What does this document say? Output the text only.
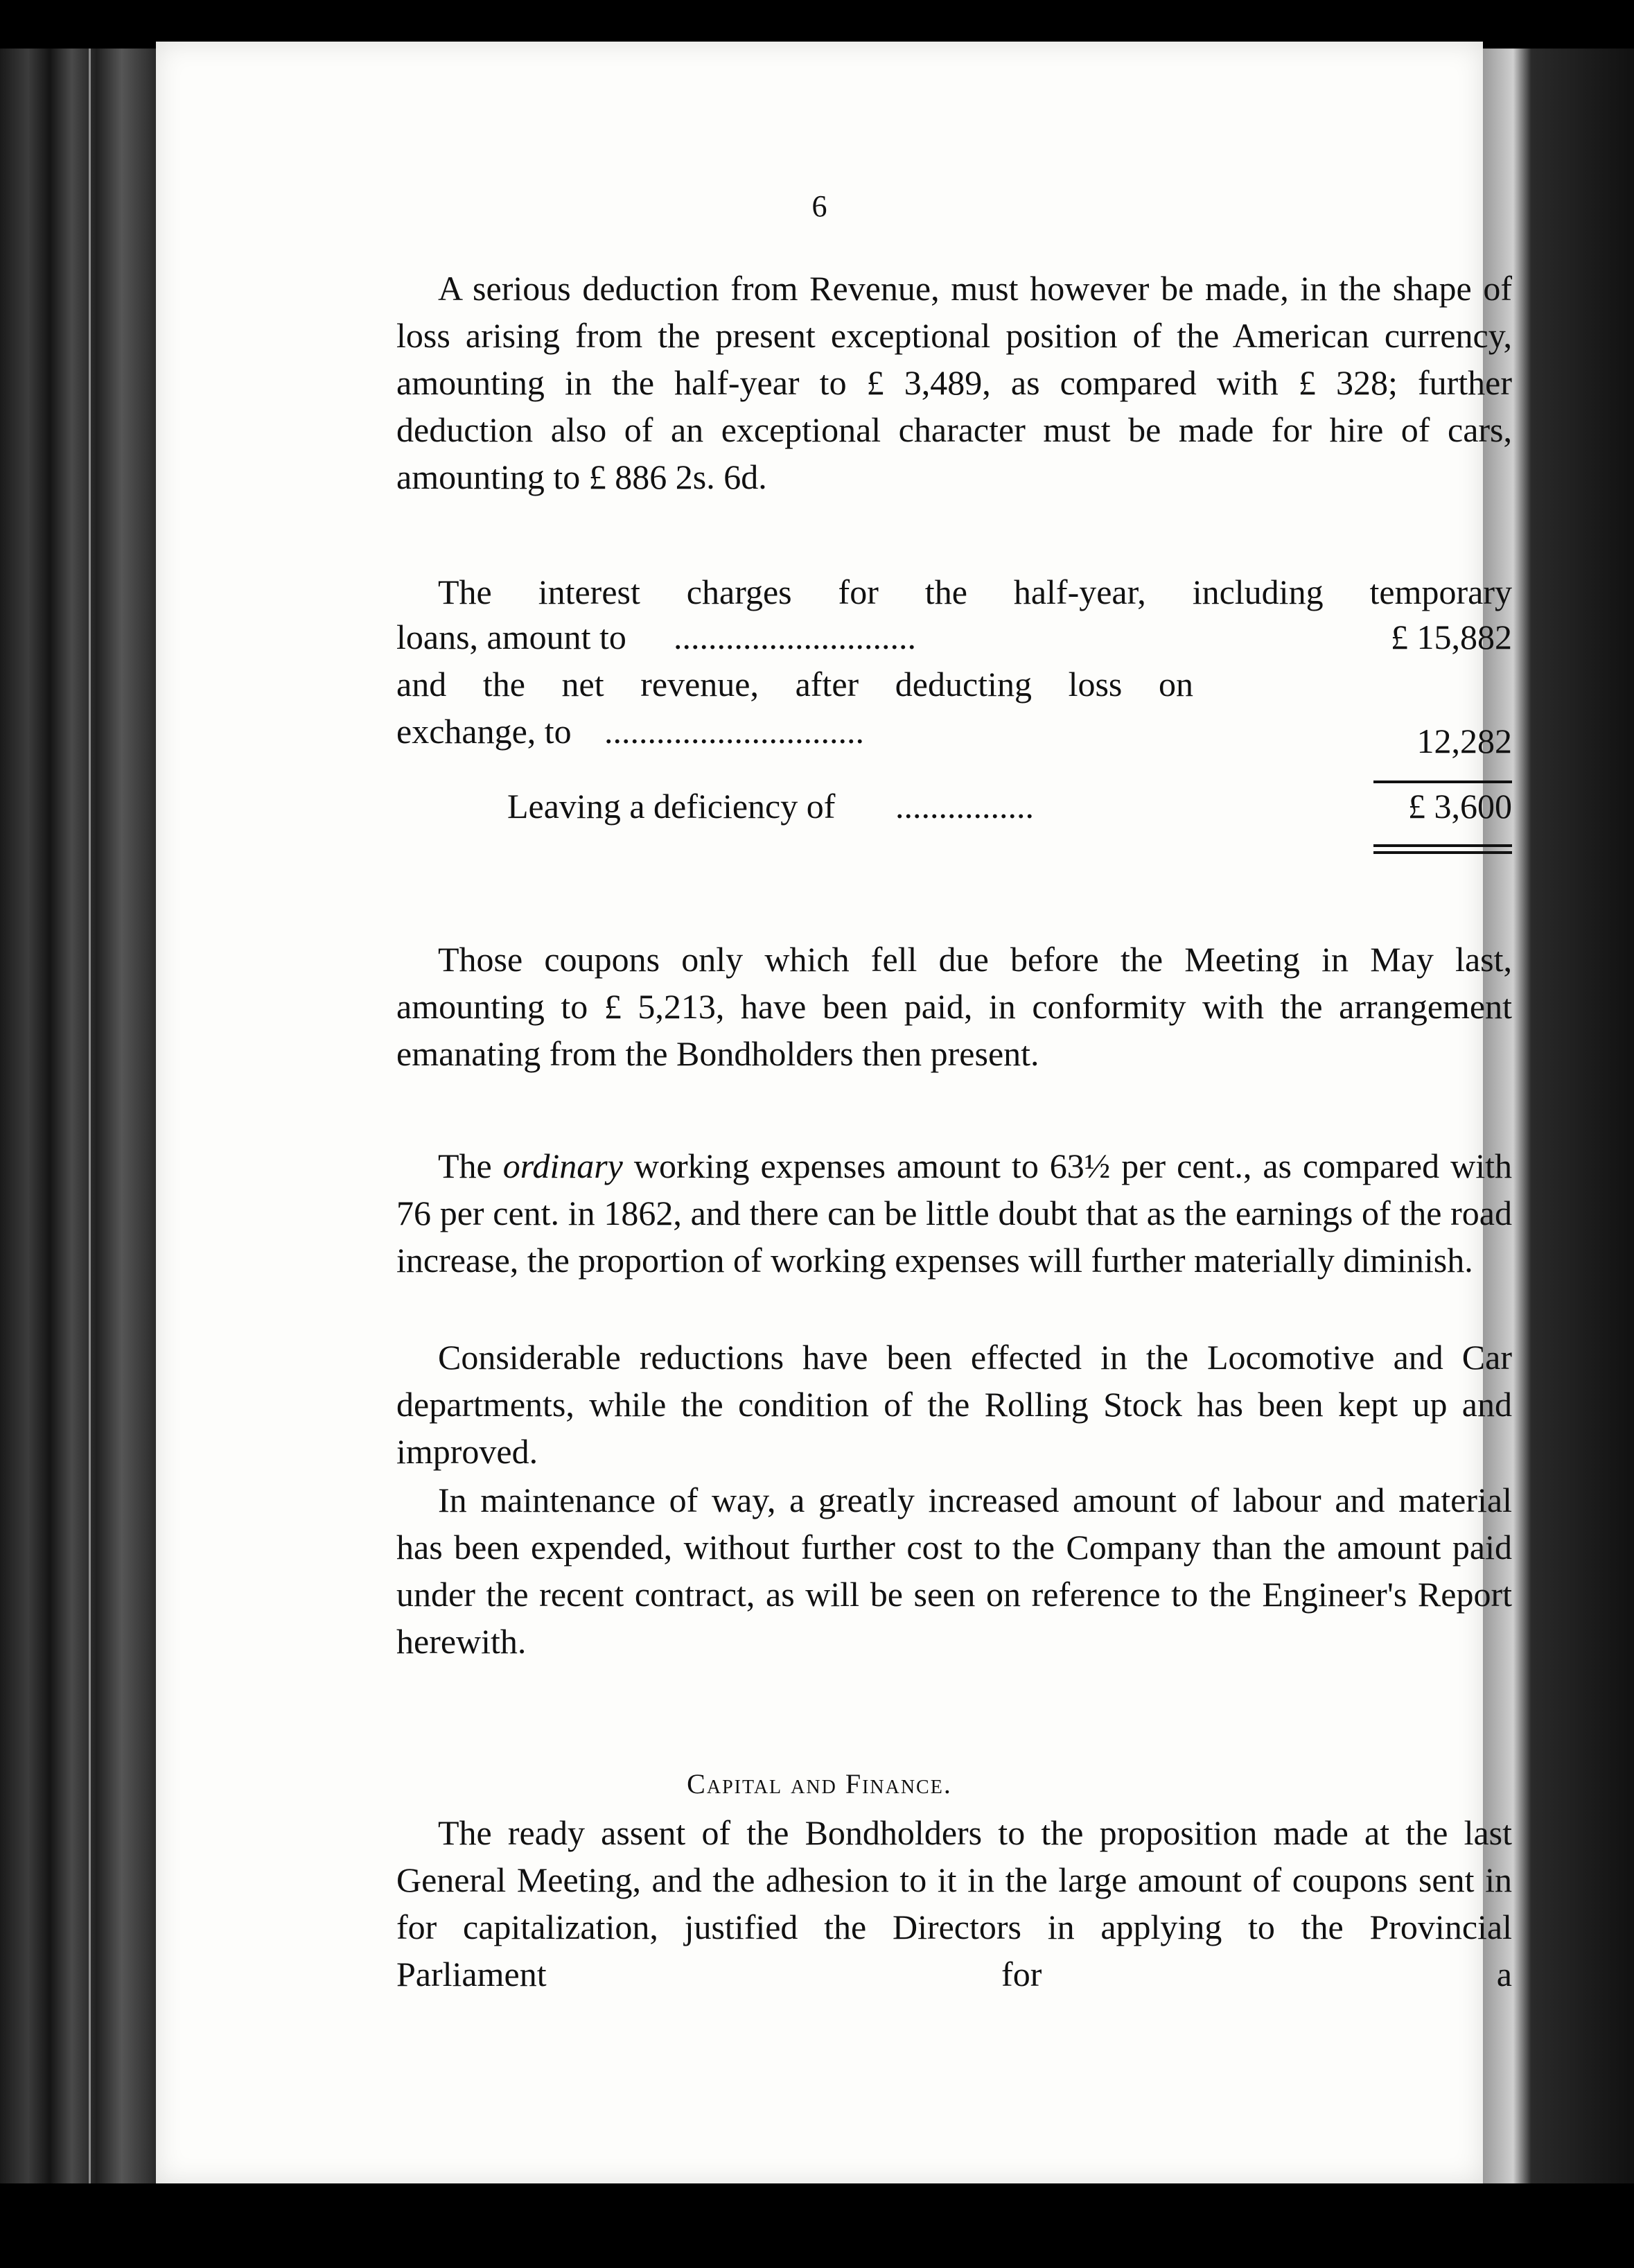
6

A serious deduction from Revenue, must however be made, in the shape of loss arising from the present exceptional position of the American currency, amounting in the half-year to £ 3,489, as compared with £ 328; further deduction also of an exceptional character must be made for hire of cars, amounting to £ 886 2s. 6d.

The interest charges for the half-year, including temporary

loans, amount to ............................	£ 15,882
and the net revenue, after deducting loss on
exchange, to ..............................	12,282
Leaving a deficiency of ................	£ 3,600

Those coupons only which fell due before the Meeting in May last, amounting to £ 5,213, have been paid, in conformity with the arrangement emanating from the Bondholders then present.

The ordinary working expenses amount to 63½ per cent., as compared with 76 per cent. in 1862, and there can be little doubt that as the earnings of the road increase, the proportion of working expenses will further materially diminish.

Considerable reductions have been effected in the Locomotive and Car departments, while the condition of the Rolling Stock has been kept up and improved.

In maintenance of way, a greatly increased amount of labour and material has been expended, without further cost to the Company than the amount paid under the recent contract, as will be seen on reference to the Engineer's Report herewith.

Capital and Finance.

The ready assent of the Bondholders to the proposition made at the last General Meeting, and the adhesion to it in the large amount of coupons sent in for capitalization, justified the Directors in applying to the Provincial Parliament for a
